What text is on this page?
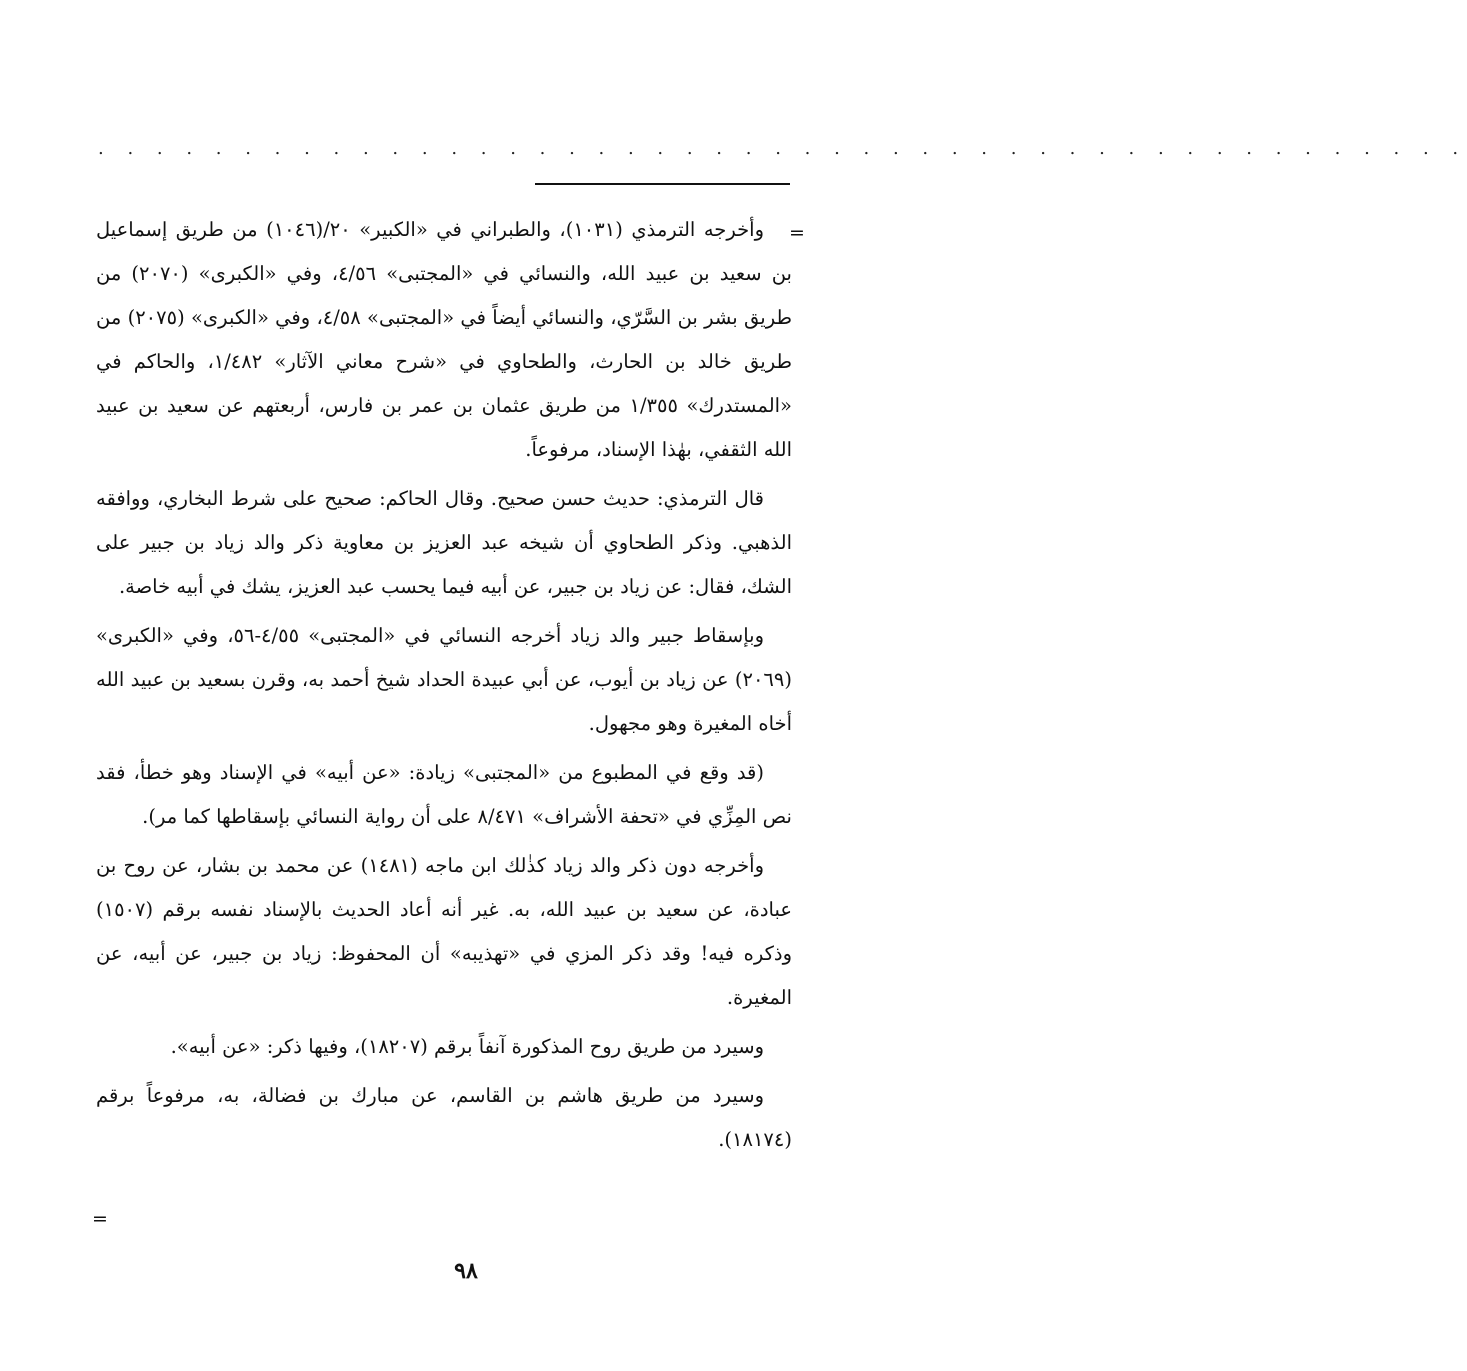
. . . . . . . . . . . . . . . . . . . . . . . . . . . . . . . . . . . . . . . . . . . . . . .
=

وأخرجه الترمذي (١٠٣١)، والطبراني في «الكبير» ٢٠/(١٠٤٦) من طريق إسماعيل بن سعيد بن عبيد الله، والنسائي في «المجتبى» ٤/٥٦، وفي «الكبرى» (٢٠٧٠) من طريق بشر بن السَّرّي، والنسائي أيضاً في «المجتبى» ٤/٥٨، وفي «الكبرى» (٢٠٧٥) من طريق خالد بن الحارث، والطحاوي في «شرح معاني الآثار» ١/٤٨٢، والحاكم في «المستدرك» ١/٣٥٥ من طريق عثمان بن عمر بن فارس، أربعتهم عن سعيد بن عبيد الله الثقفي، بهٰذا الإسناد، مرفوعاً.

قال الترمذي: حديث حسن صحيح. وقال الحاكم: صحيح على شرط البخاري، ووافقه الذهبي. وذكر الطحاوي أن شيخه عبد العزيز بن معاوية ذكر والد زياد بن جبير على الشك، فقال: عن زياد بن جبير، عن أبيه فيما يحسب عبد العزيز، يشك في أبيه خاصة.

وبإسقاط جبير والد زياد أخرجه النسائي في «المجتبى» ٤/٥٥-٥٦، وفي «الكبرى» (٢٠٦٩) عن زياد بن أيوب، عن أبي عبيدة الحداد شيخ أحمد به، وقرن بسعيد بن عبيد الله أخاه المغيرة وهو مجهول.

(قد وقع في المطبوع من «المجتبى» زيادة: «عن أبيه» في الإسناد وهو خطأ، فقد نص المِزِّي في «تحفة الأشراف» ٨/٤٧١ على أن رواية النسائي بإسقاطها كما مر).

وأخرجه دون ذكر والد زياد كذٰلك ابن ماجه (١٤٨١) عن محمد بن بشار، عن روح بن عبادة، عن سعيد بن عبيد الله، به. غير أنه أعاد الحديث بالإسناد نفسه برقم (١٥٠٧) وذكره فيه! وقد ذكر المزي في «تهذيبه» أن المحفوظ: زياد بن جبير، عن أبيه، عن المغيرة.

وسيرد من طريق روح المذكورة آنفاً برقم (١٨٢٠٧)، وفيها ذكر: «عن أبيه».

وسيرد من طريق هاشم بن القاسم، عن مبارك بن فضالة، به، مرفوعاً برقم (١٨١٧٤).

=
٩٨
